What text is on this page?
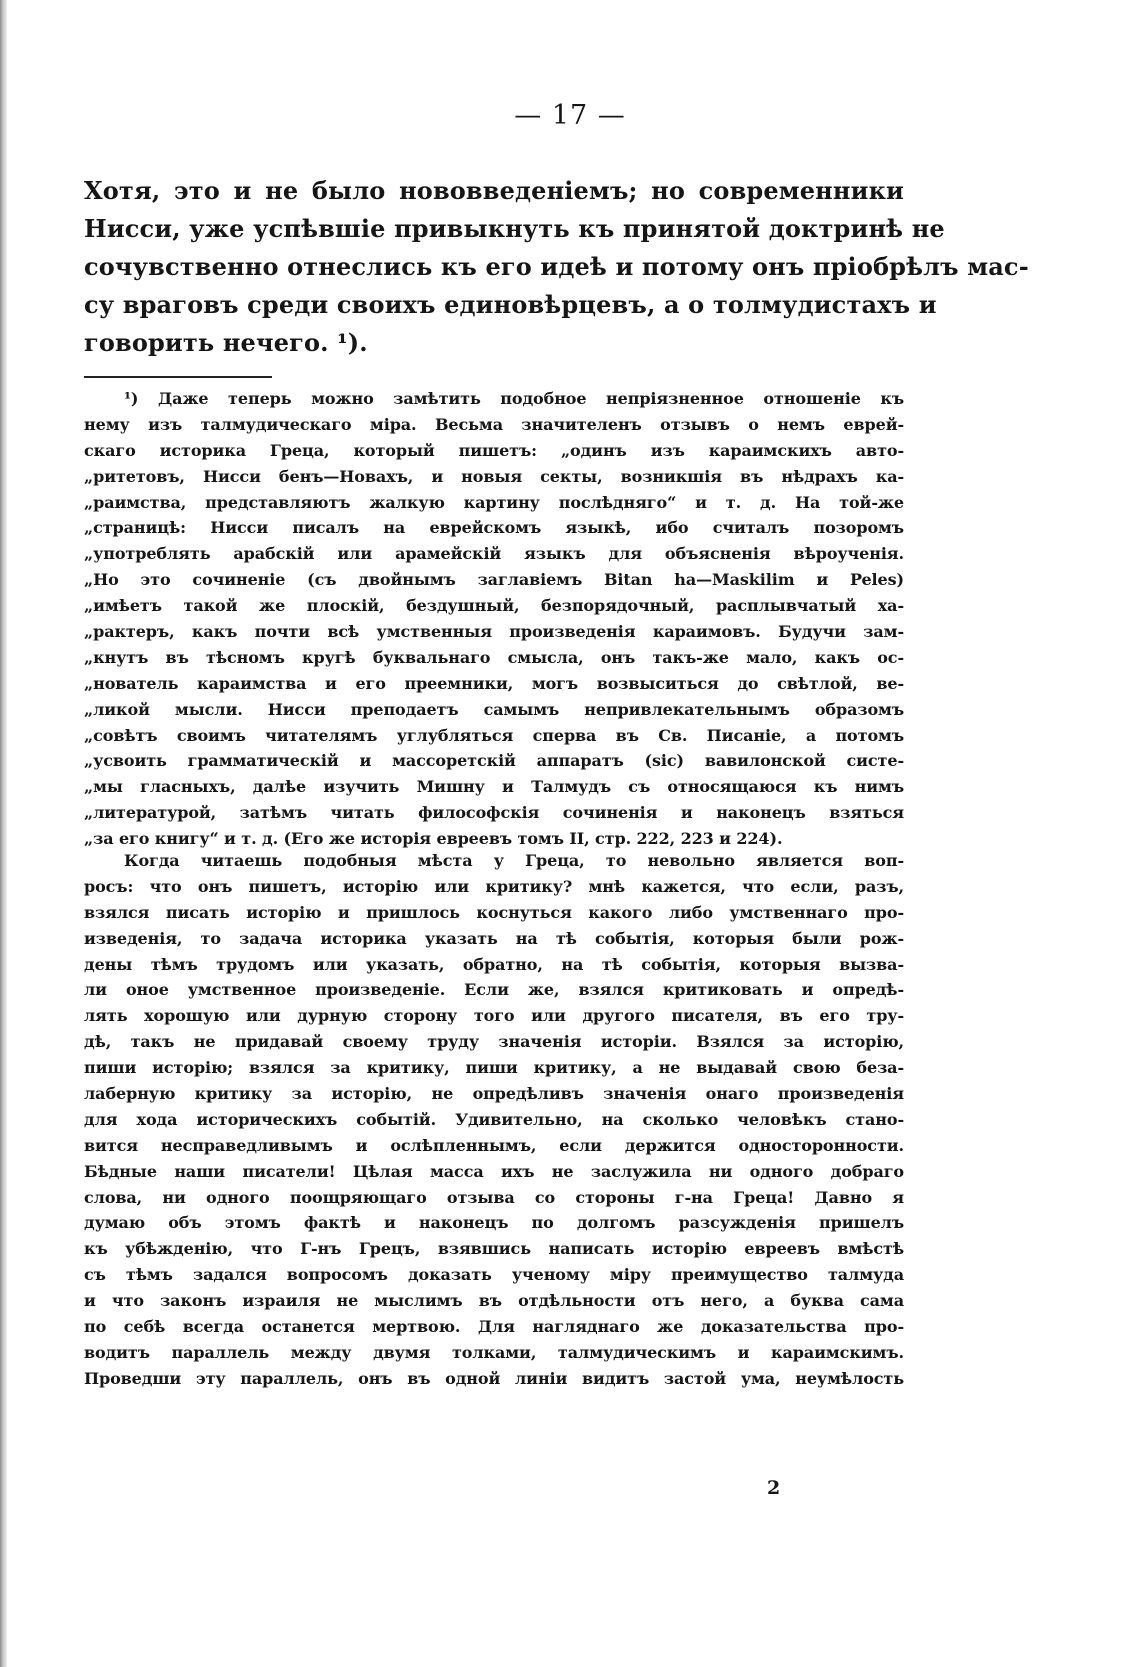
— 17 —
Хотя, это и не было нововведеніемъ; но современники
Нисси, уже успѣвшіе привыкнуть къ принятой доктринѣ не
сочувственно отнеслись къ его идеѣ и потому онъ пріобрѣлъ мас-
су враговъ среди своихъ единовѣрцевъ, а о толмудистахъ и
говорить нечего. ¹).
¹) Даже теперь можно замѣтить подобное непріязненное отношеніе къ
нему изъ талмудическаго міра. Весьма значителенъ отзывъ о немъ еврей-
скаго историка Греца, который пишетъ: „одинъ изъ караимскихъ авто-
„ритетовъ, Нисси бенъ—Новахъ, и новыя секты, возникшія въ нѣдрахъ ка-
„раимства, представляютъ жалкую картину послѣдняго“ и т. д. На той-же
„страницѣ: Нисси писалъ на еврейскомъ языкѣ, ибо считалъ позоромъ
„употреблять арабскій или арамейскій языкъ для объясненія вѣроученія.
„Но это сочиненіе (съ двойнымъ заглавіемъ Bitan ha—Maskilim и Peles)
„имѣетъ такой же плоскій, бездушный, безпорядочный, расплывчатый ха-
„рактеръ, какъ почти всѣ умственныя произведенія караимовъ. Будучи зам-
„кнутъ въ тѣсномъ кругѣ буквальнаго смысла, онъ такъ-же мало, какъ ос-
„нователь караимства и его преемники, могъ возвыситься до свѣтлой, ве-
„ликой мысли. Нисси преподаетъ самымъ непривлекательнымъ образомъ
„совѣтъ своимъ читателямъ углубляться сперва въ Св. Писаніе, а потомъ
„усвоить грамматическій и массоретскій аппаратъ (sic) вавилонской систе-
„мы гласныхъ, далѣе изучить Мишну и Талмудъ съ относящаюся къ нимъ
„литературой, затѣмъ читать философскія сочиненія и наконецъ взяться
„за его книгу“ и т. д. (Его же исторія евреевъ томъ II, стр. 222, 223 и 224).
Когда читаешь подобныя мѣста у Греца, то невольно является воп-
росъ: что онъ пишетъ, исторію или критику? мнѣ кажется, что если, разъ,
взялся писать исторію и пришлось коснуться какого либо умственнаго про-
изведенія, то задача историка указать на тѣ событія, которыя были рож-
дены тѣмъ трудомъ или указать, обратно, на тѣ событія, которыя вызва-
ли оное умственное произведеніе. Если же, взялся критиковать и опредѣ-
лять хорошую или дурную сторону того или другого писателя, въ его тру-
дѣ, такъ не придавай своему труду значенія исторіи. Взялся за исторію,
пиши исторію; взялся за критику, пиши критику, а не выдавай свою беза-
лаберную критику за исторію, не опредѣливъ значенія онаго произведенія
для хода историческихъ событій. Удивительно, на сколько человѣкъ стано-
вится несправедливымъ и ослѣпленнымъ, если держится односторонности.
Бѣдные наши писатели! Цѣлая масса ихъ не заслужила ни одного добраго
слова, ни одного поощряющаго отзыва со стороны г-на Греца! Давно я
думаю объ этомъ фактѣ и наконецъ по долгомъ разсужденія пришелъ
къ убѣжденію, что Г-нъ Грецъ, взявшись написать исторію евреевъ вмѣстѣ
съ тѣмъ задался вопросомъ доказать ученому міру преимущество талмуда
и что законъ израиля не мыслимъ въ отдѣльности отъ него, а буква сама
по себѣ всегда останется мертвою. Для нагляднаго же доказательства про-
водитъ параллель между двумя толками, талмудическимъ и караимскимъ.
Проведши эту параллель, онъ въ одной линіи видитъ застой ума, неумѣлость
2
